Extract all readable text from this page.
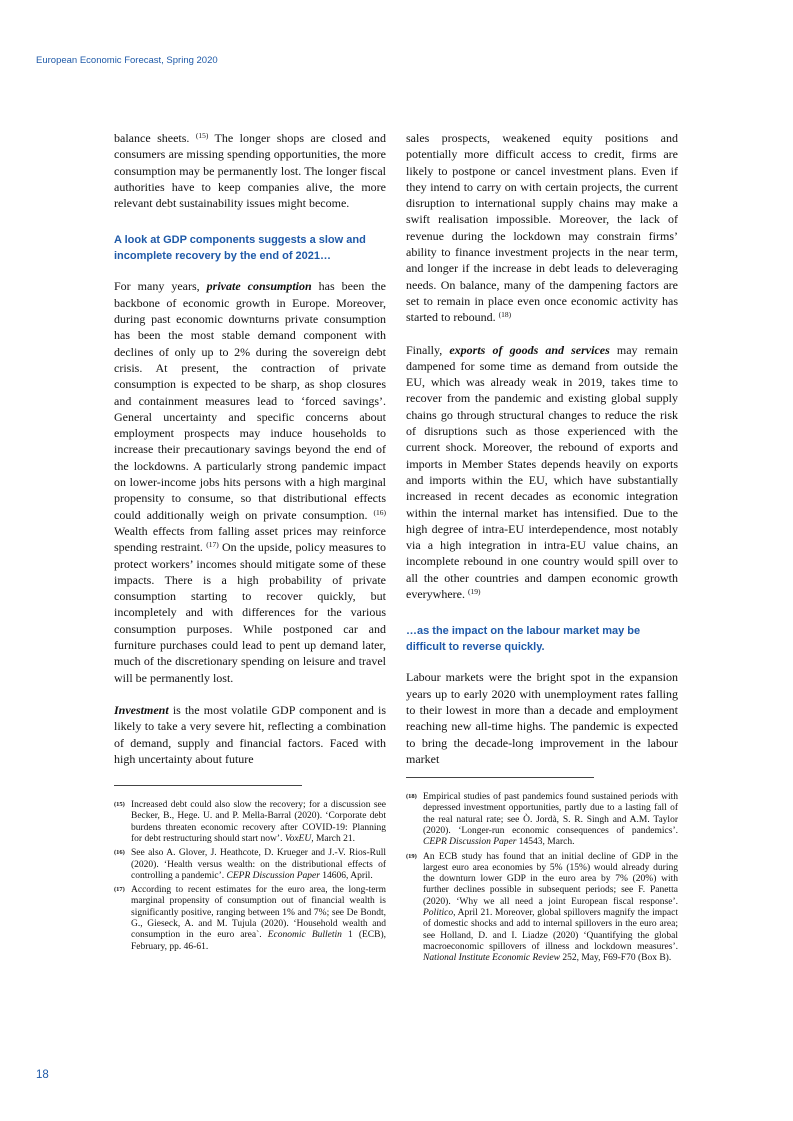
European Economic Forecast, Spring 2020

balance sheets. $^{(15)}$ The longer shops are closed and consumers are missing spending opportunities, the more consumption may be permanently lost. The longer fiscal authorities have to keep companies alive, the more relevant debt sustainability issues might become.

A look at GDP components suggests a slow and incomplete recovery by the end of 2021…

For many years, private consumption has been the backbone of economic growth in Europe. Moreover, during past economic downturns private consumption has been the most stable demand component with declines of only up to 2% during the sovereign debt crisis. At present, the contraction of private consumption is expected to be sharp, as shop closures and containment measures lead to ‘forced savings’. General uncertainty and specific concerns about employment prospects may induce households to increase their precautionary savings beyond the end of the lockdowns. A particularly strong pandemic impact on lower-income jobs hits persons with a high marginal propensity to consume, so that distributional effects could additionally weigh on private consumption. $^{(16)}$ Wealth effects from falling asset prices may reinforce spending restraint. $^{(17)}$ On the upside, policy measures to protect workers’ incomes should mitigate some of these impacts. There is a high probability of private consumption starting to recover quickly, but incompletely and with differences for the various consumption purposes. While postponed car and furniture purchases could lead to pent up demand later, much of the discretionary spending on leisure and travel will be permanently lost.

Investment is the most volatile GDP component and is likely to take a very severe hit, reflecting a combination of demand, supply and financial factors. Faced with high uncertainty about future

(15) Increased debt could also slow the recovery; for a discussion see Becker, B., Hege. U. and P. Mella-Barral (2020). ‘Corporate debt burdens threaten economic recovery after COVID-19: Planning for debt restructuring should start now’. VoxEU, March 21.
(16) See also A. Glover, J. Heathcote, D. Krueger and J.-V. Rios-Rull (2020). ‘Health versus wealth: on the distributional effects of controlling a pandemic’. CEPR Discussion Paper 14606, April.
(17) According to recent estimates for the euro area, the long-term marginal propensity of consumption out of financial wealth is significantly positive, ranging between 1% and 7%; see De Bondt, G., Gieseck, A. and M. Tujula (2020). ‘Household wealth and consumption in the euro area`. Economic Bulletin 1 (ECB), February, pp. 46-61.

sales prospects, weakened equity positions and potentially more difficult access to credit, firms are likely to postpone or cancel investment plans. Even if they intend to carry on with certain projects, the current disruption to international supply chains may make a swift realisation impossible. Moreover, the lack of revenue during the lockdown may constrain firms’ ability to finance investment projects in the near term, and longer if the increase in debt leads to deleveraging needs. On balance, many of the dampening factors are set to remain in place even once economic activity has started to rebound. $^{(18)}$

Finally, exports of goods and services may remain dampened for some time as demand from outside the EU, which was already weak in 2019, takes time to recover from the pandemic and existing global supply chains go through structural changes to reduce the risk of disruptions such as those experienced with the current shock. Moreover, the rebound of exports and imports in Member States depends heavily on exports and imports within the EU, which have substantially increased in recent decades as economic integration within the internal market has intensified. Due to the high degree of intra-EU interdependence, most notably via a high integration in intra-EU value chains, an incomplete rebound in one country would spill over to all the other countries and dampen economic growth everywhere. $^{(19)}$

…as the impact on the labour market may be difficult to reverse quickly.

Labour markets were the bright spot in the expansion years up to early 2020 with unemployment rates falling to their lowest in more than a decade and employment reaching new all-time highs. The pandemic is expected to bring the decade-long improvement in the labour market

(18) Empirical studies of past pandemics found sustained periods with depressed investment opportunities, partly due to a lasting fall of the real natural rate; see Ò. Jordà, S. R. Singh and A.M. Taylor (2020). ‘Longer-run economic consequences of pandemics’. CEPR Discussion Paper 14543, March.
(19) An ECB study has found that an initial decline of GDP in the largest euro area economies by 5% (15%) would already during the downturn lower GDP in the euro area by 7% (20%) with further declines possible in subsequent periods; see F. Panetta (2020). ‘Why we all need a joint European fiscal response’. Politico, April 21. Moreover, global spillovers magnify the impact of domestic shocks and add to internal spillovers in the euro area; see Holland, D. and I. Liadze (2020) ‘Quantifying the global macroeconomic spillovers of illness and lockdown measures’. National Institute Economic Review 252, May, F69-F70 (Box B).
18
